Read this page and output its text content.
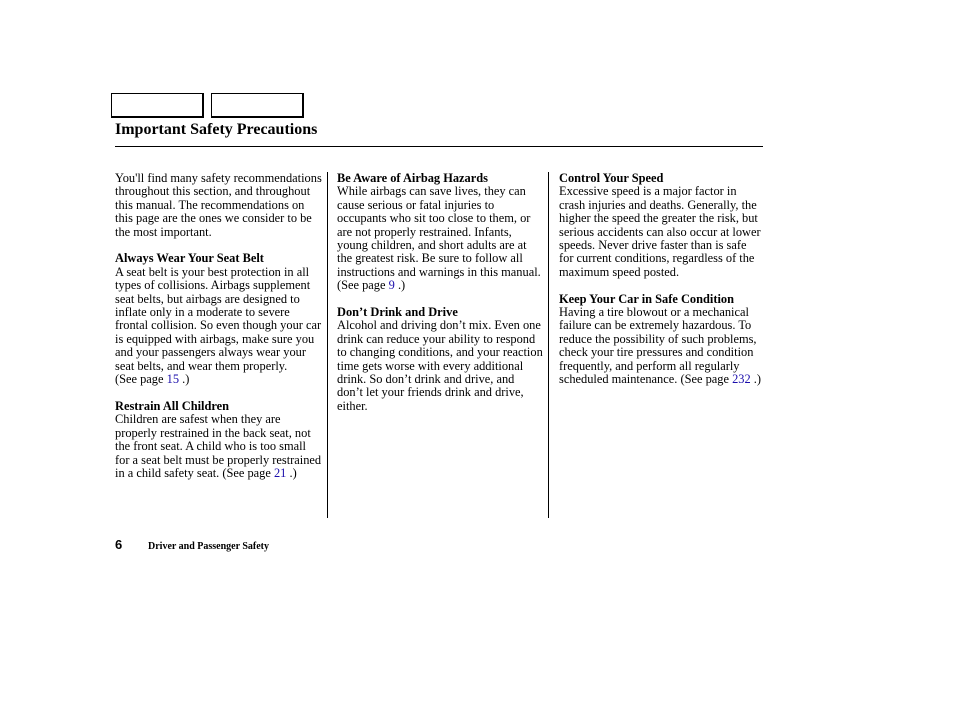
Important Safety Precautions

You'll find many safety recommendations throughout this section, and throughout this manual. The recommendations on this page are the ones we consider to be the most important.

Always Wear Your Seat Belt
A seat belt is your best protection in all types of collisions. Airbags supplement seat belts, but airbags are designed to inflate only in a moderate to severe frontal collision. So even though your car is equipped with airbags, make sure you and your passengers always wear your seat belts, and wear them properly. (See page 15 .)

Restrain All Children
Children are safest when they are properly restrained in the back seat, not the front seat. A child who is too small for a seat belt must be properly restrained in a child safety seat. (See page 21 .)

Be Aware of Airbag Hazards
While airbags can save lives, they can cause serious or fatal injuries to occupants who sit too close to them, or are not properly restrained. Infants, young children, and short adults are at the greatest risk. Be sure to follow all instructions and warnings in this manual. (See page 9 .)

Don’t Drink and Drive
Alcohol and driving don’t mix. Even one drink can reduce your ability to respond to changing conditions, and your reaction time gets worse with every additional drink. So don’t drink and drive, and don’t let your friends drink and drive, either.

Control Your Speed
Excessive speed is a major factor in crash injuries and deaths. Generally, the higher the speed the greater the risk, but serious accidents can also occur at lower speeds. Never drive faster than is safe for current conditions, regardless of the maximum speed posted.

Keep Your Car in Safe Condition
Having a tire blowout or a mechanical failure can be extremely hazardous. To reduce the possibility of such problems, check your tire pressures and condition frequently, and perform all regularly scheduled maintenance. (See page 232 .)

6	Driver and Passenger Safety
